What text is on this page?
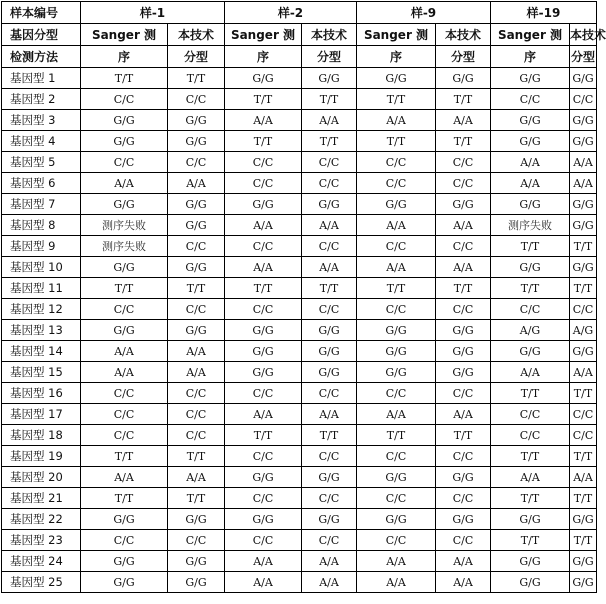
样本编号	样-1		样-2		样-9		样-19	
基因分型	Sanger 测	本技术	Sanger 测	本技术	Sanger 测	本技术	Sanger 测	本技术
检测方法	序	分型	序	分型	序	分型	序	分型
基因型 1	T/T	T/T	G/G	G/G	G/G	G/G	G/G	G/G
基因型 2	C/C	C/C	T/T	T/T	T/T	T/T	C/C	C/C
基因型 3	G/G	G/G	A/A	A/A	A/A	A/A	G/G	G/G
基因型 4	G/G	G/G	T/T	T/T	T/T	T/T	G/G	G/G
基因型 5	C/C	C/C	C/C	C/C	C/C	C/C	A/A	A/A
基因型 6	A/A	A/A	C/C	C/C	C/C	C/C	A/A	A/A
基因型 7	G/G	G/G	G/G	G/G	G/G	G/G	G/G	G/G
基因型 8	测序失败	G/G	A/A	A/A	A/A	A/A	测序失败	G/G
基因型 9	测序失败	C/C	C/C	C/C	C/C	C/C	T/T	T/T
基因型 10	G/G	G/G	A/A	A/A	A/A	A/A	G/G	G/G
基因型 11	T/T	T/T	T/T	T/T	T/T	T/T	T/T	T/T
基因型 12	C/C	C/C	C/C	C/C	C/C	C/C	C/C	C/C
基因型 13	G/G	G/G	G/G	G/G	G/G	G/G	A/G	A/G
基因型 14	A/A	A/A	G/G	G/G	G/G	G/G	G/G	G/G
基因型 15	A/A	A/A	G/G	G/G	G/G	G/G	A/A	A/A
基因型 16	C/C	C/C	C/C	C/C	C/C	C/C	T/T	T/T
基因型 17	C/C	C/C	A/A	A/A	A/A	A/A	C/C	C/C
基因型 18	C/C	C/C	T/T	T/T	T/T	T/T	C/C	C/C
基因型 19	T/T	T/T	C/C	C/C	C/C	C/C	T/T	T/T
基因型 20	A/A	A/A	G/G	G/G	G/G	G/G	A/A	A/A
基因型 21	T/T	T/T	C/C	C/C	C/C	C/C	T/T	T/T
基因型 22	G/G	G/G	G/G	G/G	G/G	G/G	G/G	G/G
基因型 23	C/C	C/C	C/C	C/C	C/C	C/C	T/T	T/T
基因型 24	G/G	G/G	A/A	A/A	A/A	A/A	G/G	G/G
基因型 25	G/G	G/G	A/A	A/A	A/A	A/A	G/G	G/G
